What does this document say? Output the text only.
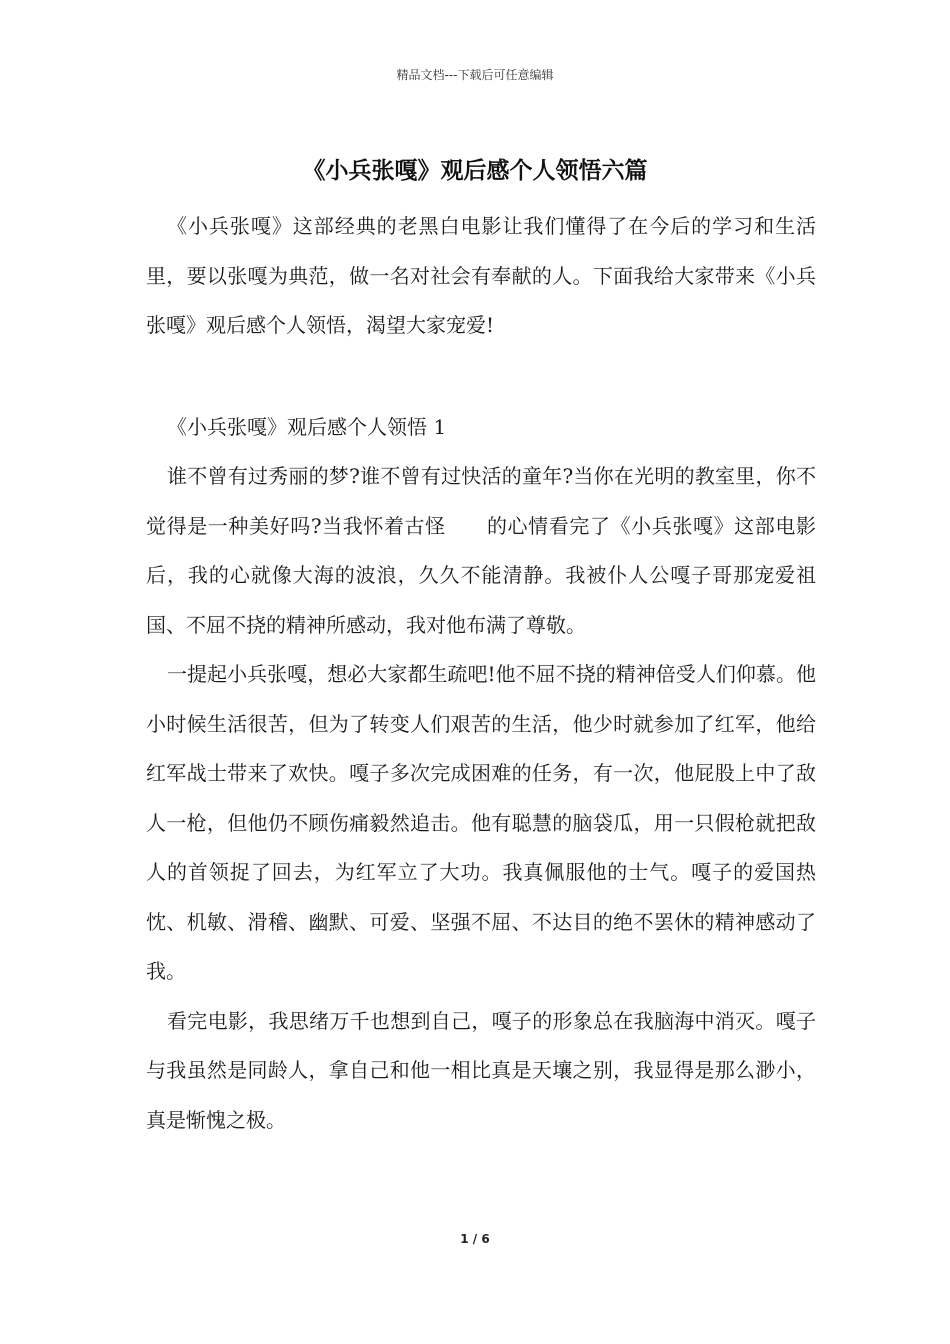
精品文档---下载后可任意编辑
《小兵张嘎》观后感个人领悟六篇

《小兵张嘎》这部经典的老黑白电影让我们懂得了在今后的学习和生活里，要以张嘎为典范，做一名对社会有奉献的人。下面我给大家带来《小兵张嘎》观后感个人领悟，渴望大家宠爱!

《小兵张嘎》观后感个人领悟 1

谁不曾有过秀丽的梦?谁不曾有过快活的童年?当你在光明的教室里，你不觉得是一种美好吗?当我怀着古怪　　的心情看完了《小兵张嘎》这部电影后，我的心就像大海的波浪，久久不能清静。我被仆人公嘎子哥那宠爱祖国、不屈不挠的精神所感动，我对他布满了尊敬。

一提起小兵张嘎，想必大家都生疏吧!他不屈不挠的精神倍受人们仰慕。他小时候生活很苦，但为了转变人们艰苦的生活，他少时就参加了红军，他给红军战士带来了欢快。嘎子多次完成困难的任务，有一次，他屁股上中了敌人一枪，但他仍不顾伤痛毅然追击。他有聪慧的脑袋瓜，用一只假枪就把敌人的首领捉了回去，为红军立了大功。我真佩服他的士气。嘎子的爱国热忱、机敏、滑稽、幽默、可爱、坚强不屈、不达目的绝不罢休的精神感动了我。

看完电影，我思绪万千也想到自己，嘎子的形象总在我脑海中消灭。嘎子与我虽然是同龄人，拿自己和他一相比真是天壤之别，我显得是那么渺小，真是惭愧之极。

1 / 6
